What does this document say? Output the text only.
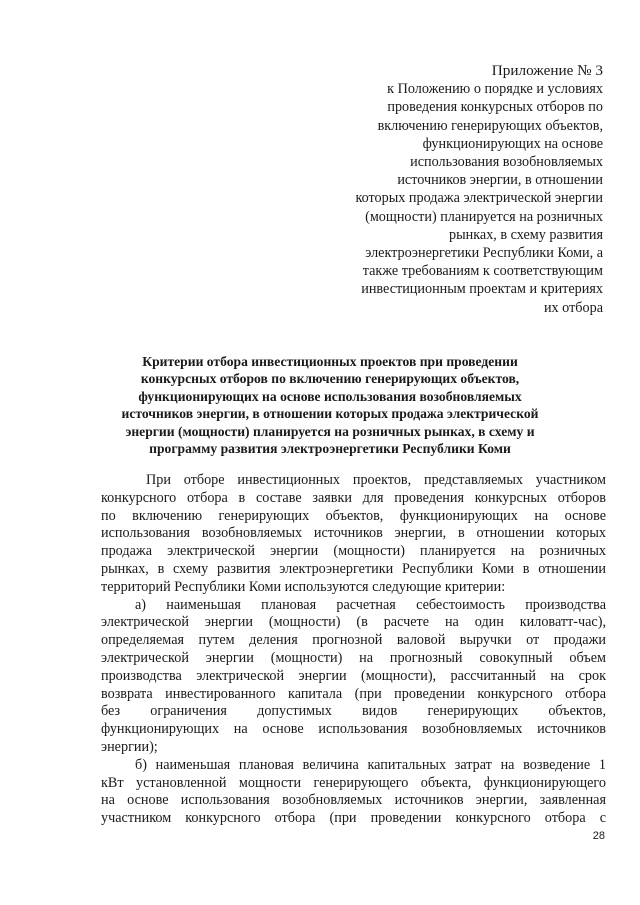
Приложение № 3
к Положению о порядке и условиях
проведения конкурсных отборов по
включению генерирующих объектов,
функционирующих на основе
использования возобновляемых
источников энергии, в отношении
которых продажа электрической энергии
(мощности) планируется на розничных
рынках, в схему развития
электроэнергетики Республики Коми, а
также требованиям к соответствующим
инвестиционным проектам и критериях
их отбора
Критерии отбора инвестиционных проектов при проведении
конкурсных отборов по включению генерирующих объектов,
функционирующих на основе использования возобновляемых
источников энергии, в отношении которых продажа электрической
энергии (мощности) планируется на розничных рынках, в схему и
программу развития электроэнергетики Республики Коми
При отборе инвестиционных проектов, представляемых участником
конкурсного отбора в составе заявки для проведения конкурсных отборов
по включению генерирующих объектов, функционирующих на основе
использования возобновляемых источников энергии, в отношении которых
продажа электрической энергии (мощности) планируется на розничных
рынках, в схему развития электроэнергетики Республики Коми в отношении
территорий Республики Коми используются следующие критерии:
а) наименьшая плановая расчетная себестоимость производства
электрической энергии (мощности) (в расчете на один киловатт-час),
определяемая путем деления прогнозной валовой выручки от продажи
электрической энергии (мощности) на прогнозный совокупный объем
производства электрической энергии (мощности), рассчитанный на срок
возврата инвестированного капитала (при проведении конкурсного отбора
без ограничения допустимых видов генерирующих объектов,
функционирующих на основе использования возобновляемых источников
энергии);
б) наименьшая плановая величина капитальных затрат на возведение 1
кВт установленной мощности генерирующего объекта, функционирующего
на основе использования возобновляемых источников энергии, заявленная
участником конкурсного отбора (при проведении конкурсного отбора с
28
